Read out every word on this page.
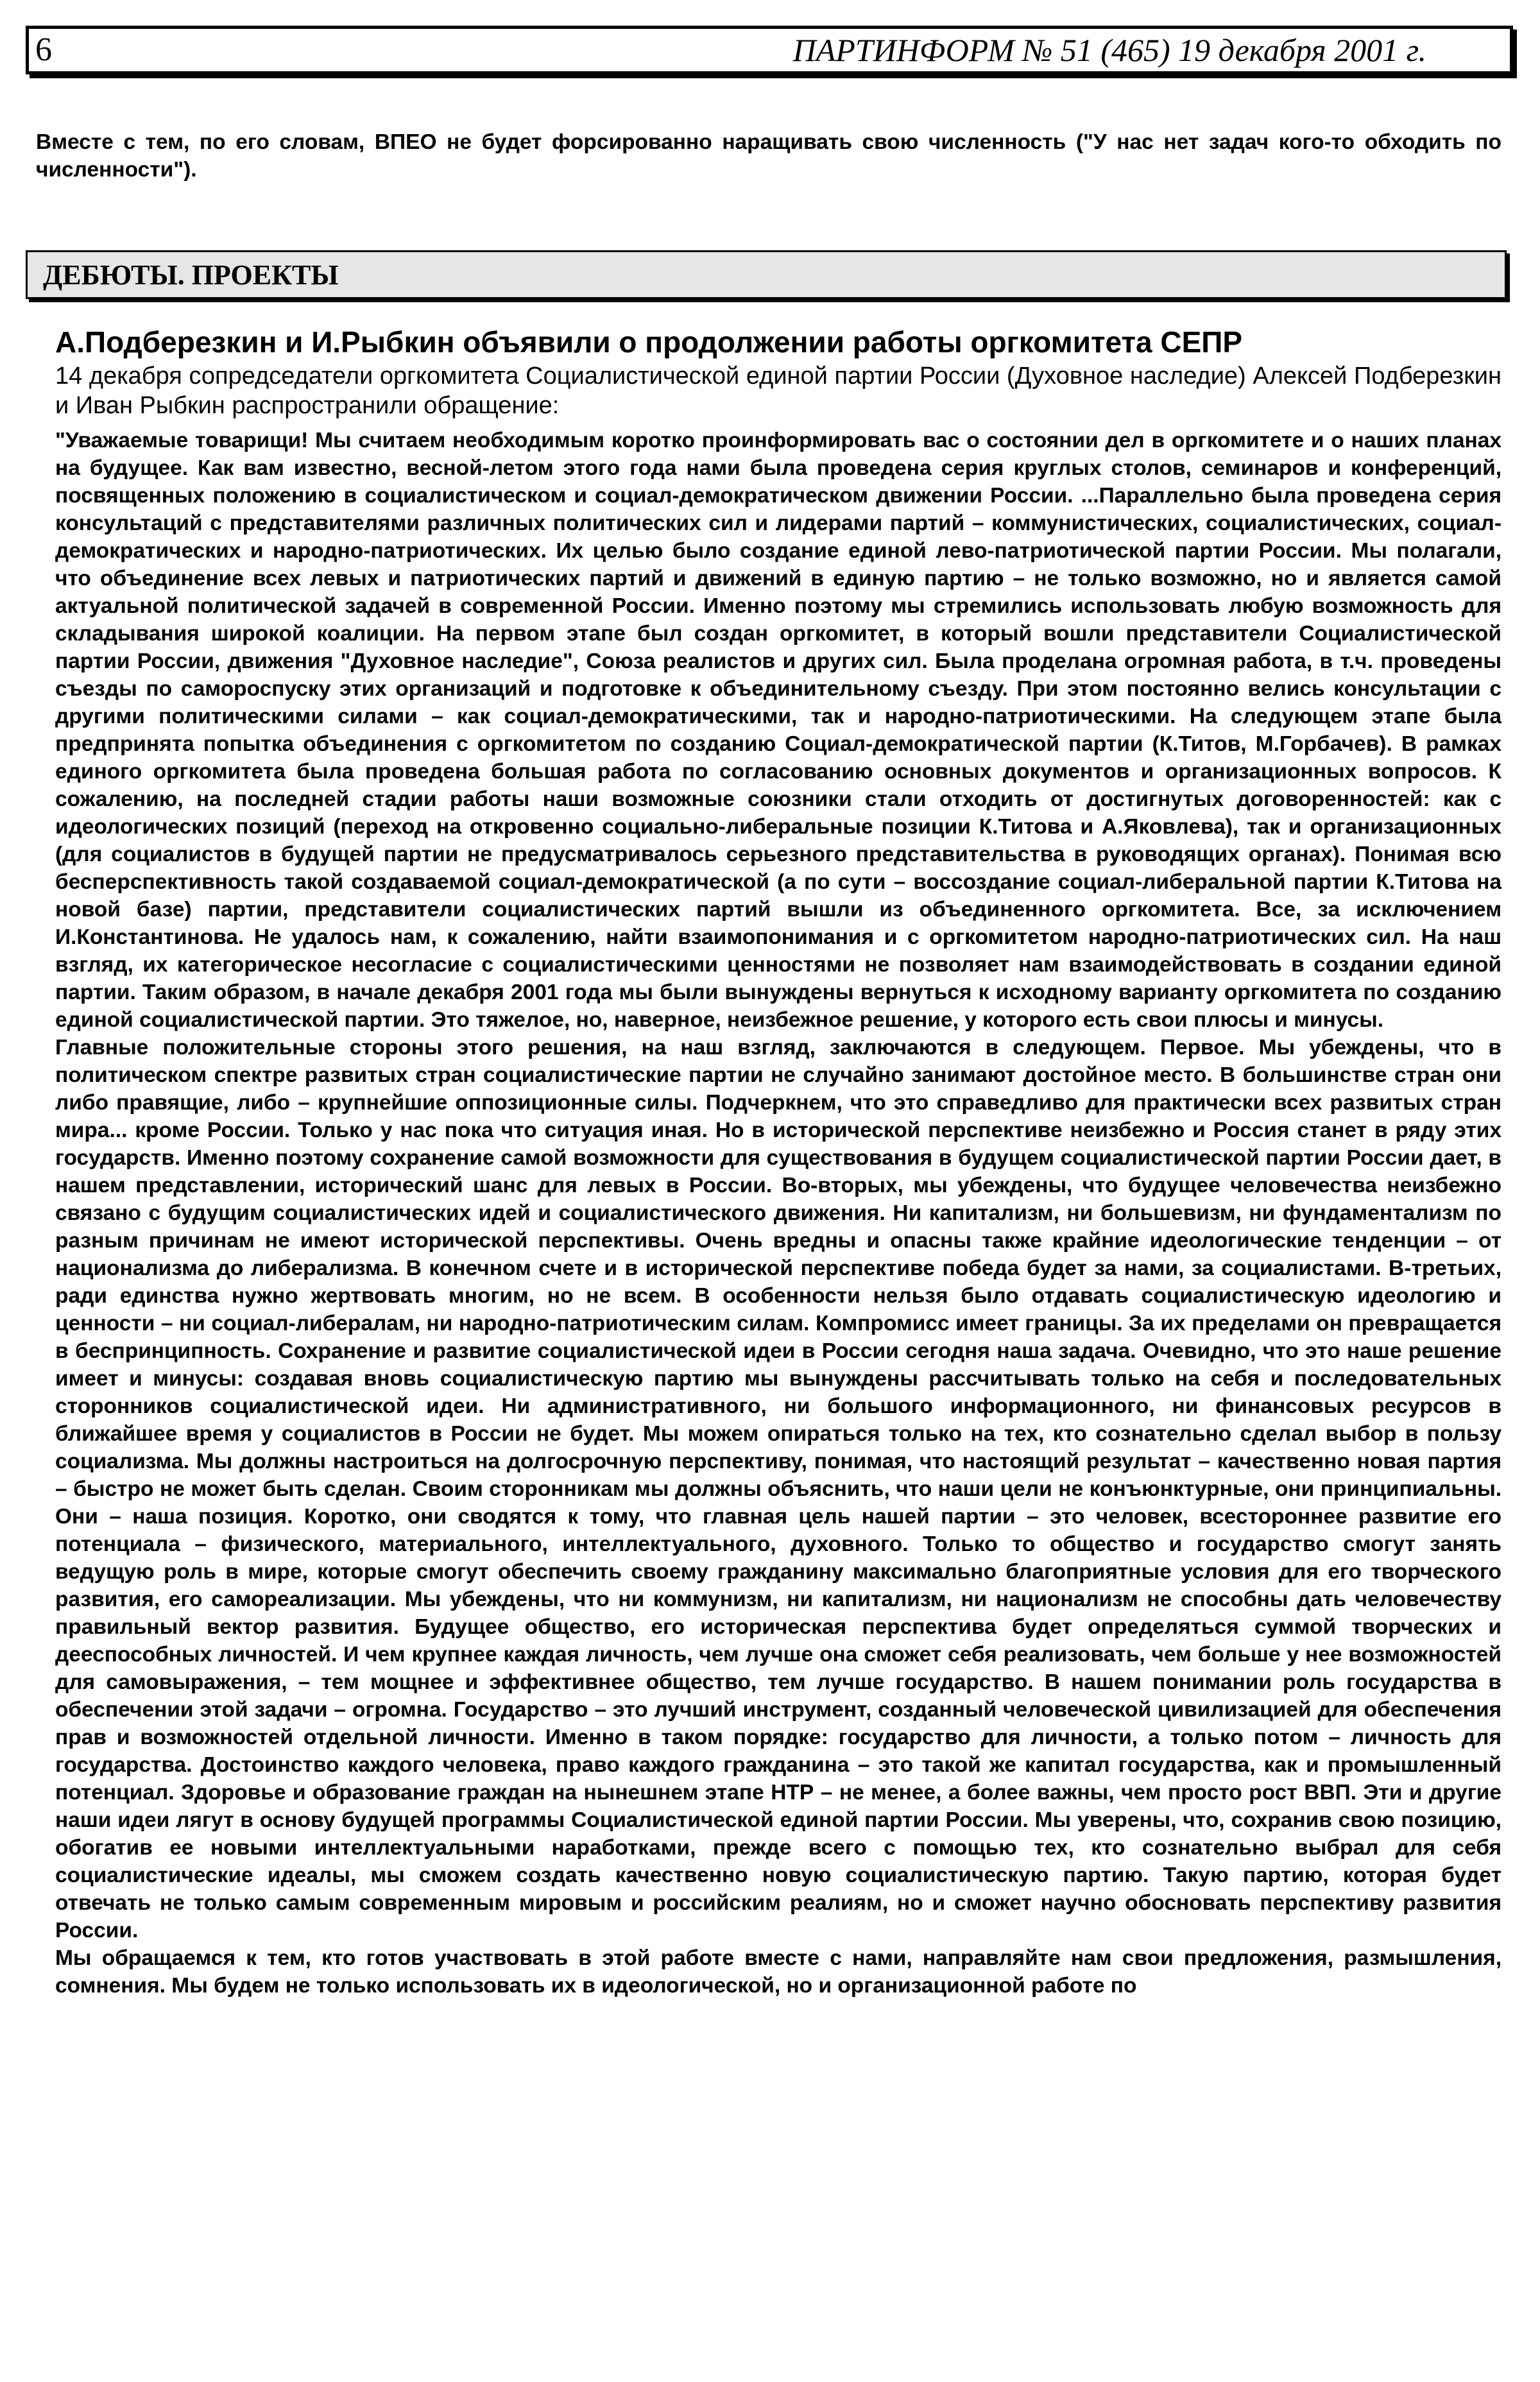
6	ПАРТИНФОРМ № 51 (465) 19 декабря 2001 г.

Вместе с тем, по его словам, ВПЕО не будет форсированно наращивать свою численность ("У нас нет задач кого-то обходить по численности").

ДЕБЮТЫ. ПРОЕКТЫ
А.Подберезкин и И.Рыбкин объявили о продолжении работы оргкомитета СЕПР

14 декабря сопредседатели оргкомитета Социалистической единой партии России (Духовное наследие) Алексей Подберезкин и Иван Рыбкин распространили обращение:

"Уважаемые товарищи! Мы считаем необходимым коротко проинформировать вас о состоянии дел в оргкомитете и о наших планах на будущее. Как вам известно, весной-летом этого года нами была проведена серия круглых столов, семинаров и конференций, посвященных положению в социалистическом и социал-демократическом движении России. ...Параллельно была проведена серия консультаций с представителями различных политических сил и лидерами партий – коммунистических, социалистических, социал-демократических и народно-патриотических. Их целью было создание единой лево-патриотической партии России. Мы полагали, что объединение всех левых и патриотических партий и движений в единую партию – не только возможно, но и является самой актуальной политической задачей в современной России. Именно поэтому мы стремились использовать любую возможность для складывания широкой коалиции. На первом этапе был создан оргкомитет, в который вошли представители Социалистической партии России, движения "Духовное наследие", Союза реалистов и других сил. Была проделана огромная работа, в т.ч. проведены съезды по самороспуску этих организаций и подготовке к объединительному съезду. При этом постоянно велись консультации с другими политическими силами – как социал-демократическими, так и народно-патриотическими. На следующем этапе была предпринята попытка объединения с оргкомитетом по созданию Социал-демократической партии (К.Титов, М.Горбачев). В рамках единого оргкомитета была проведена большая работа по согласованию основных документов и организационных вопросов. К сожалению, на последней стадии работы наши возможные союзники стали отходить от достигнутых договоренностей: как с идеологических позиций (переход на откровенно социально-либеральные позиции К.Титова и А.Яковлева), так и организационных (для социалистов в будущей партии не предусматривалось серьезного представительства в руководящих органах). Понимая всю бесперспективность такой создаваемой социал-демократической (а по сути – воссоздание социал-либеральной партии К.Титова на новой базе) партии, представители социалистических партий вышли из объединенного оргкомитета. Все, за исключением И.Константинова. Не удалось нам, к сожалению, найти взаимопонимания и с оргкомитетом народно-патриотических сил. На наш взгляд, их категорическое несогласие с социалистическими ценностями не позволяет нам взаимодействовать в создании единой партии. Таким образом, в начале декабря 2001 года мы были вынуждены вернуться к исходному варианту оргкомитета по созданию единой социалистической партии. Это тяжелое, но, наверное, неизбежное решение, у которого есть свои плюсы и минусы.

Главные положительные стороны этого решения, на наш взгляд, заключаются в следующем. Первое. Мы убеждены, что в политическом спектре развитых стран социалистические партии не случайно занимают достойное место. В большинстве стран они либо правящие, либо – крупнейшие оппозиционные силы. Подчеркнем, что это справедливо для практически всех развитых стран мира... кроме России. Только у нас пока что ситуация иная. Но в исторической перспективе неизбежно и Россия станет в ряду этих государств. Именно поэтому сохранение самой возможности для существования в будущем социалистической партии России дает, в нашем представлении, исторический шанс для левых в России. Во-вторых, мы убеждены, что будущее человечества неизбежно связано с будущим социалистических идей и социалистического движения. Ни капитализм, ни большевизм, ни фундаментализм по разным причинам не имеют исторической перспективы. Очень вредны и опасны также крайние идеологические тенденции – от национализма до либерализма. В конечном счете и в исторической перспективе победа будет за нами, за социалистами. В-третьих, ради единства нужно жертвовать многим, но не всем. В особенности нельзя было отдавать социалистическую идеологию и ценности – ни социал-либералам, ни народно-патриотическим силам. Компромисс имеет границы. За их пределами он превращается в беспринципность. Сохранение и развитие социалистической идеи в России сегодня наша задача. Очевидно, что это наше решение имеет и минусы: создавая вновь социалистическую партию мы вынуждены рассчитывать только на себя и последовательных сторонников социалистической идеи. Ни административного, ни большого информационного, ни финансовых ресурсов в ближайшее время у социалистов в России не будет. Мы можем опираться только на тех, кто сознательно сделал выбор в пользу социализма. Мы должны настроиться на долгосрочную перспективу, понимая, что настоящий результат – качественно новая партия – быстро не может быть сделан. Своим сторонникам мы должны объяснить, что наши цели не конъюнктурные, они принципиальны. Они – наша позиция. Коротко, они сводятся к тому, что главная цель нашей партии – это человек, всестороннее развитие его потенциала – физического, материального, интеллектуального, духовного. Только то общество и государство смогут занять ведущую роль в мире, которые смогут обеспечить своему гражданину максимально благоприятные условия для его творческого развития, его самореализации. Мы убеждены, что ни коммунизм, ни капитализм, ни национализм не способны дать человечеству правильный вектор развития. Будущее общество, его историческая перспектива будет определяться суммой творческих и дееспособных личностей. И чем крупнее каждая личность, чем лучше она сможет себя реализовать, чем больше у нее возможностей для самовыражения, – тем мощнее и эффективнее общество, тем лучше государство. В нашем понимании роль государства в обеспечении этой задачи – огромна. Государство – это лучший инструмент, созданный человеческой цивилизацией для обеспечения прав и возможностей отдельной личности. Именно в таком порядке: государство для личности, а только потом – личность для государства. Достоинство каждого человека, право каждого гражданина – это такой же капитал государства, как и промышленный потенциал. Здоровье и образование граждан на нынешнем этапе НТР – не менее, а более важны, чем просто рост ВВП. Эти и другие наши идеи лягут в основу будущей программы Социалистической единой партии России. Мы уверены, что, сохранив свою позицию, обогатив ее новыми интеллектуальными наработками, прежде всего с помощью тех, кто сознательно выбрал для себя социалистические идеалы, мы сможем создать качественно новую социалистическую партию. Такую партию, которая будет отвечать не только самым современным мировым и российским реалиям, но и сможет научно обосновать перспективу развития России.

Мы обращаемся к тем, кто готов участвовать в этой работе вместе с нами, направляйте нам свои предложения, размышления, сомнения. Мы будем не только использовать их в идеологической, но и организационной работе по
